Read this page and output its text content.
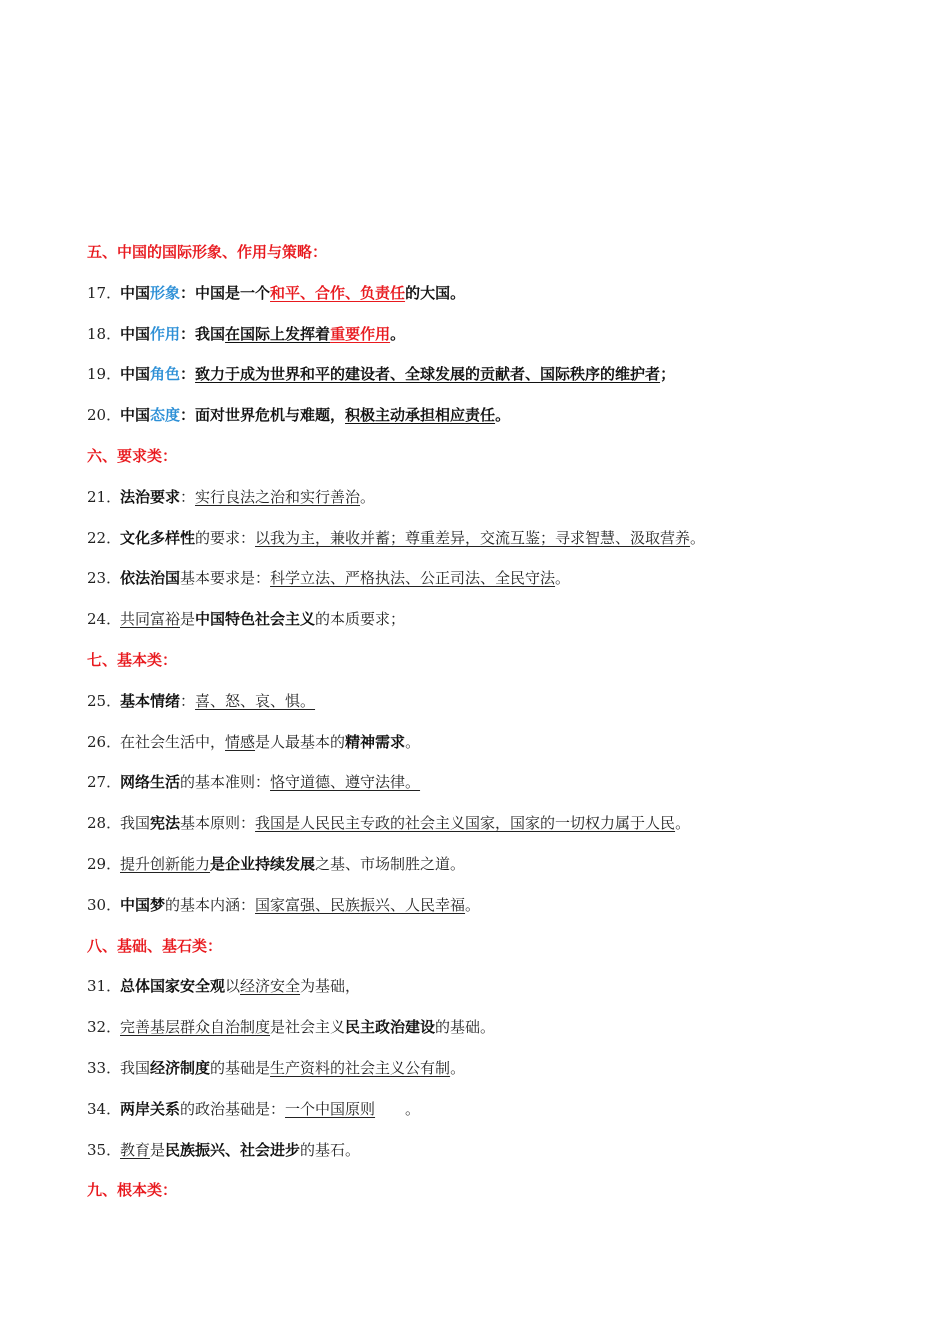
五、中国的国际形象、作用与策略：
17．中国形象：中国是一个和平、合作、负责任的大国。
18．中国作用：我国在国际上发挥着重要作用。
19．中国角色：致力于成为世界和平的建设者、全球发展的贡献者、国际秩序的维护者；
20．中国态度：面对世界危机与难题，积极主动承担相应责任。
六、要求类：
21．法治要求：实行良法之治和实行善治。
22．文化多样性的要求：以我为主，兼收并蓄；尊重差异，交流互鉴；寻求智慧、汲取营养。
23．依法治国基本要求是：科学立法、严格执法、公正司法、全民守法。
24．共同富裕是中国特色社会主义的本质要求；
七、基本类：
25．基本情绪：喜、怒、哀、惧。
26．在社会生活中，情感是人最基本的精神需求。
27．网络生活的基本准则：恪守道德、遵守法律。
28．我国宪法基本原则：我国是人民民主专政的社会主义国家，国家的一切权力属于人民。
29．提升创新能力是企业持续发展之基、市场制胜之道。
30．中国梦的基本内涵：国家富强、民族振兴、人民幸福。
八、基础、基石类：
31．总体国家安全观以经济安全为基础，
32．完善基层群众自治制度是社会主义民主政治建设的基础。
33．我国经济制度的基础是生产资料的社会主义公有制。
34．两岸关系的政治基础是：一个中国原则 。
35．教育是民族振兴、社会进步的基石。
九、根本类：
